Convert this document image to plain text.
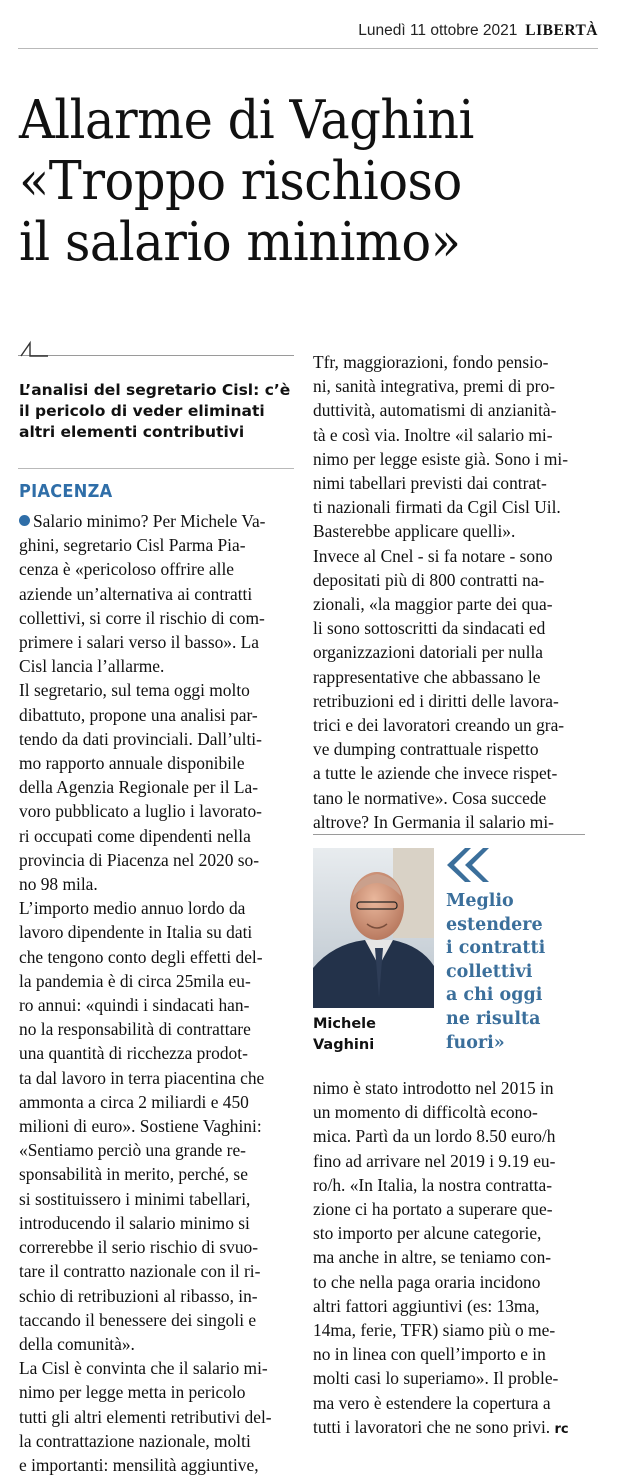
Lunedì 11 ottobre 2021 LIBERTÀ
Allarme di Vaghini
«Troppo rischioso
il salario minimo»

L’analisi del segretario Cisl: c’è
il pericolo di veder eliminati
altri elementi contributivi

PIACENZA
Salario minimo? Per Michele Va-
ghini, segretario Cisl Parma Pia-
cenza è «pericoloso offrire alle
aziende un’alternativa ai contratti
collettivi, si corre il rischio di com-
primere i salari verso il basso». La
Cisl lancia l’allarme.
Il segretario, sul tema oggi molto
dibattuto, propone una analisi par-
tendo da dati provinciali. Dall’ulti-
mo rapporto annuale disponibile
della Agenzia Regionale per il La-
voro pubblicato a luglio i lavorato-
ri occupati come dipendenti nella
provincia di Piacenza nel 2020 so-
no 98 mila.
L’importo medio annuo lordo da
lavoro dipendente in Italia su dati
che tengono conto degli effetti del-
la pandemia è di circa 25mila eu-
ro annui: «quindi i sindacati han-
no la responsabilità di contrattare
una quantità di ricchezza prodot-
ta dal lavoro in terra piacentina che
ammonta a circa 2 miliardi e 450
milioni di euro». Sostiene Vaghini:
«Sentiamo perciò una grande re-
sponsabilità in merito, perché, se
si sostituissero i minimi tabellari,
introducendo il salario minimo si
correrebbe il serio rischio di svuo-
tare il contratto nazionale con il ri-
schio di retribuzioni al ribasso, in-
taccando il benessere dei singoli e
della comunità».
La Cisl è convinta che il salario mi-
nimo per legge metta in pericolo
tutti gli altri elementi retributivi del-
la contrattazione nazionale, molti
e importanti: mensilità aggiuntive,
Tfr, maggiorazioni, fondo pensio-
ni, sanità integrativa, premi di pro-
duttività, automatismi di anzianità-
tà e così via. Inoltre «il salario mi-
nimo per legge esiste già. Sono i mi-
nimi tabellari previsti dai contrat-
ti nazionali firmati da Cgil Cisl Uil.
Basterebbe applicare quelli».
Invece al Cnel - si fa notare - sono
depositati più di 800 contratti na-
zionali, «la maggior parte dei qua-
li sono sottoscritti da sindacati ed
organizzazioni datoriali per nulla
rappresentative che abbassano le
retribuzioni ed i diritti delle lavora-
trici e dei lavoratori creando un gra-
ve dumping contrattuale rispetto
a tutte le aziende che invece rispet-
tano le normative». Cosa succede
altrove? In Germania il salario mi-
Michele
Vaghini
Meglio
estendere
i contratti
collettivi
a chi oggi
ne risulta
fuori»
nimo è stato introdotto nel 2015 in
un momento di difficoltà econo-
mica. Partì da un lordo 8.50 euro/h
fino ad arrivare nel 2019 i 9.19 eu-
ro/h. «In Italia, la nostra contratta-
zione ci ha portato a superare que-
sto importo per alcune categorie,
ma anche in altre, se teniamo con-
to che nella paga oraria incidono
altri fattori aggiuntivi (es: 13ma,
14ma, ferie, TFR) siamo più o me-
no in linea con quell’importo e in
molti casi lo superiamo». Il proble-
ma vero è estendere la copertura a
tutti i lavoratori che ne sono privi. rc
